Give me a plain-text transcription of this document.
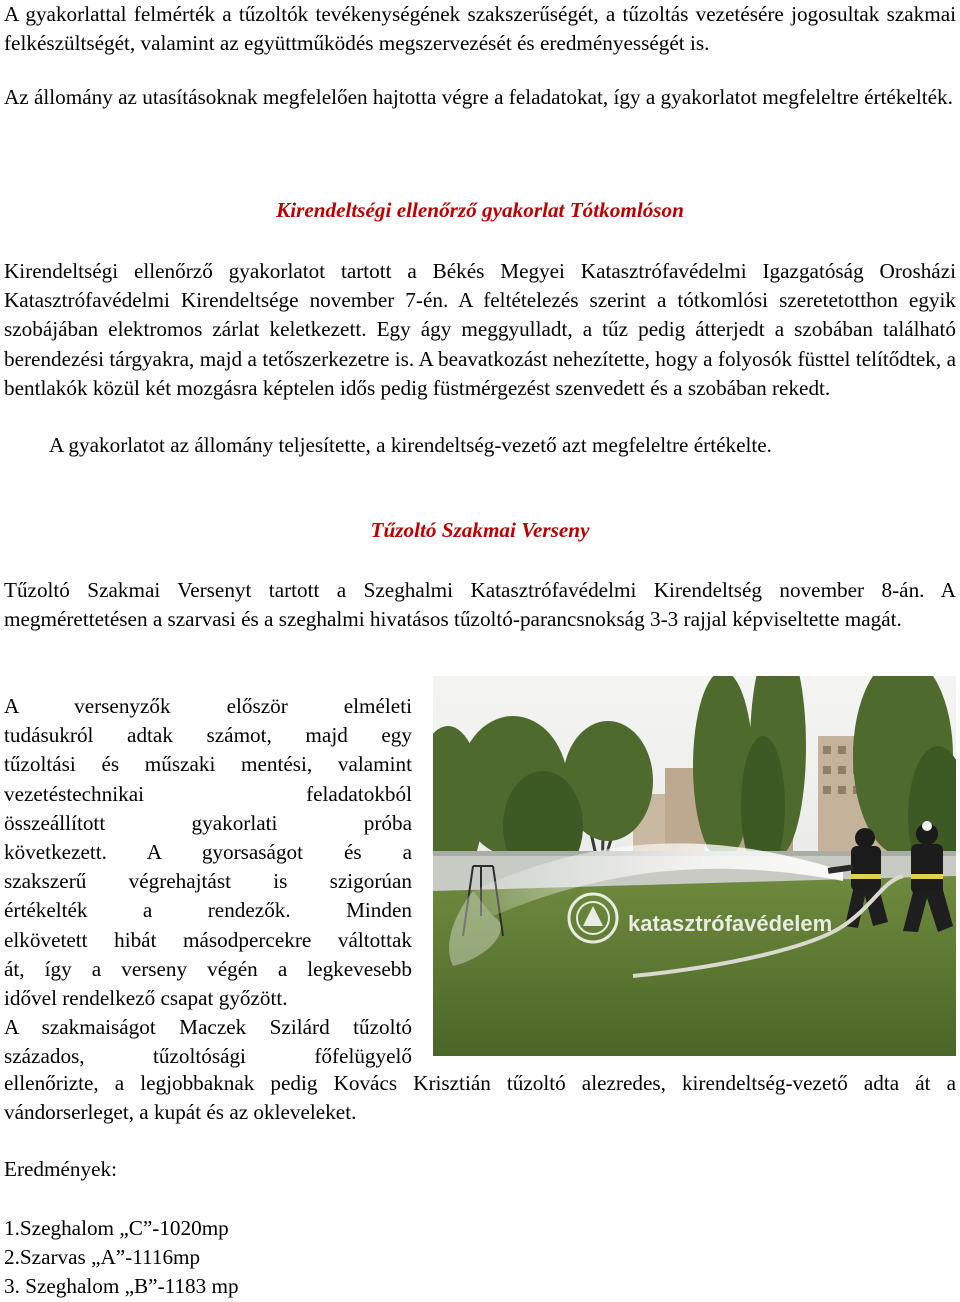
A gyakorlattal felmérték a tűzoltók tevékenységének szakszerűségét, a tűzoltás vezetésére jogosultak szakmai felkészültségét, valamint az együttműködés megszervezését és eredményességét is.

Az állomány az utasításoknak megfelelően hajtotta végre a feladatokat, így a gyakorlatot megfeleltre értékelték.

Kirendeltségi ellenőrző gyakorlat Tótkomlóson

Kirendeltségi ellenőrző gyakorlatot tartott a Békés Megyei Katasztrófavédelmi Igazgatóság Orosházi Katasztrófavédelmi Kirendeltsége november 7-én. A feltételezés szerint a tótkomlósi szeretetotthon egyik szobájában elektromos zárlat keletkezett. Egy ágy meggyulladt, a tűz pedig átterjedt a szobában található berendezési tárgyakra, majd a tetőszerkezetre is. A beavatkozást nehezítette, hogy a folyosók füsttel telítődtek, a bentlakók közül két mozgásra képtelen idős pedig füstmérgezést szenvedett és a szobában rekedt.

A gyakorlatot az állomány teljesítette, a kirendeltség-vezető azt megfeleltre értékelte.

Tűzoltó Szakmai Verseny

Tűzoltó Szakmai Versenyt tartott a Szeghalmi Katasztrófavédelmi Kirendeltség november 8-án. A megmérettetésen a szarvasi és a szeghalmi hivatásos tűzoltó-parancsnokság 3-3 rajjal képviseltette magát.

A versenyzők először elméleti
tudásukról adtak számot, majd egy
tűzoltási és műszaki mentési, valamint
vezetéstechnikai feladatokból
összeállított gyakorlati próba
következett. A gyorsaságot és a
szakszerű végrehajtást is szigorúan
értékelték a rendezők. Minden
elkövetett hibát másodpercekre váltottak
át, így a verseny végén a legkevesebb
idővel rendelkező csapat győzött.
A szakmaiságot Maczek Szilárd tűzoltó
százados, tűzoltósági főfelügyelő
katasztrófavédelem

ellenőrizte, a legjobbaknak pedig Kovács Krisztián tűzoltó alezredes, kirendeltség-vezető adta át a vándorserleget, a kupát és az okleveleket.

Eredmények:

1.Szeghalom „C”-1020mp

2.Szarvas „A”-1116mp

3. Szeghalom „B”-1183 mp
